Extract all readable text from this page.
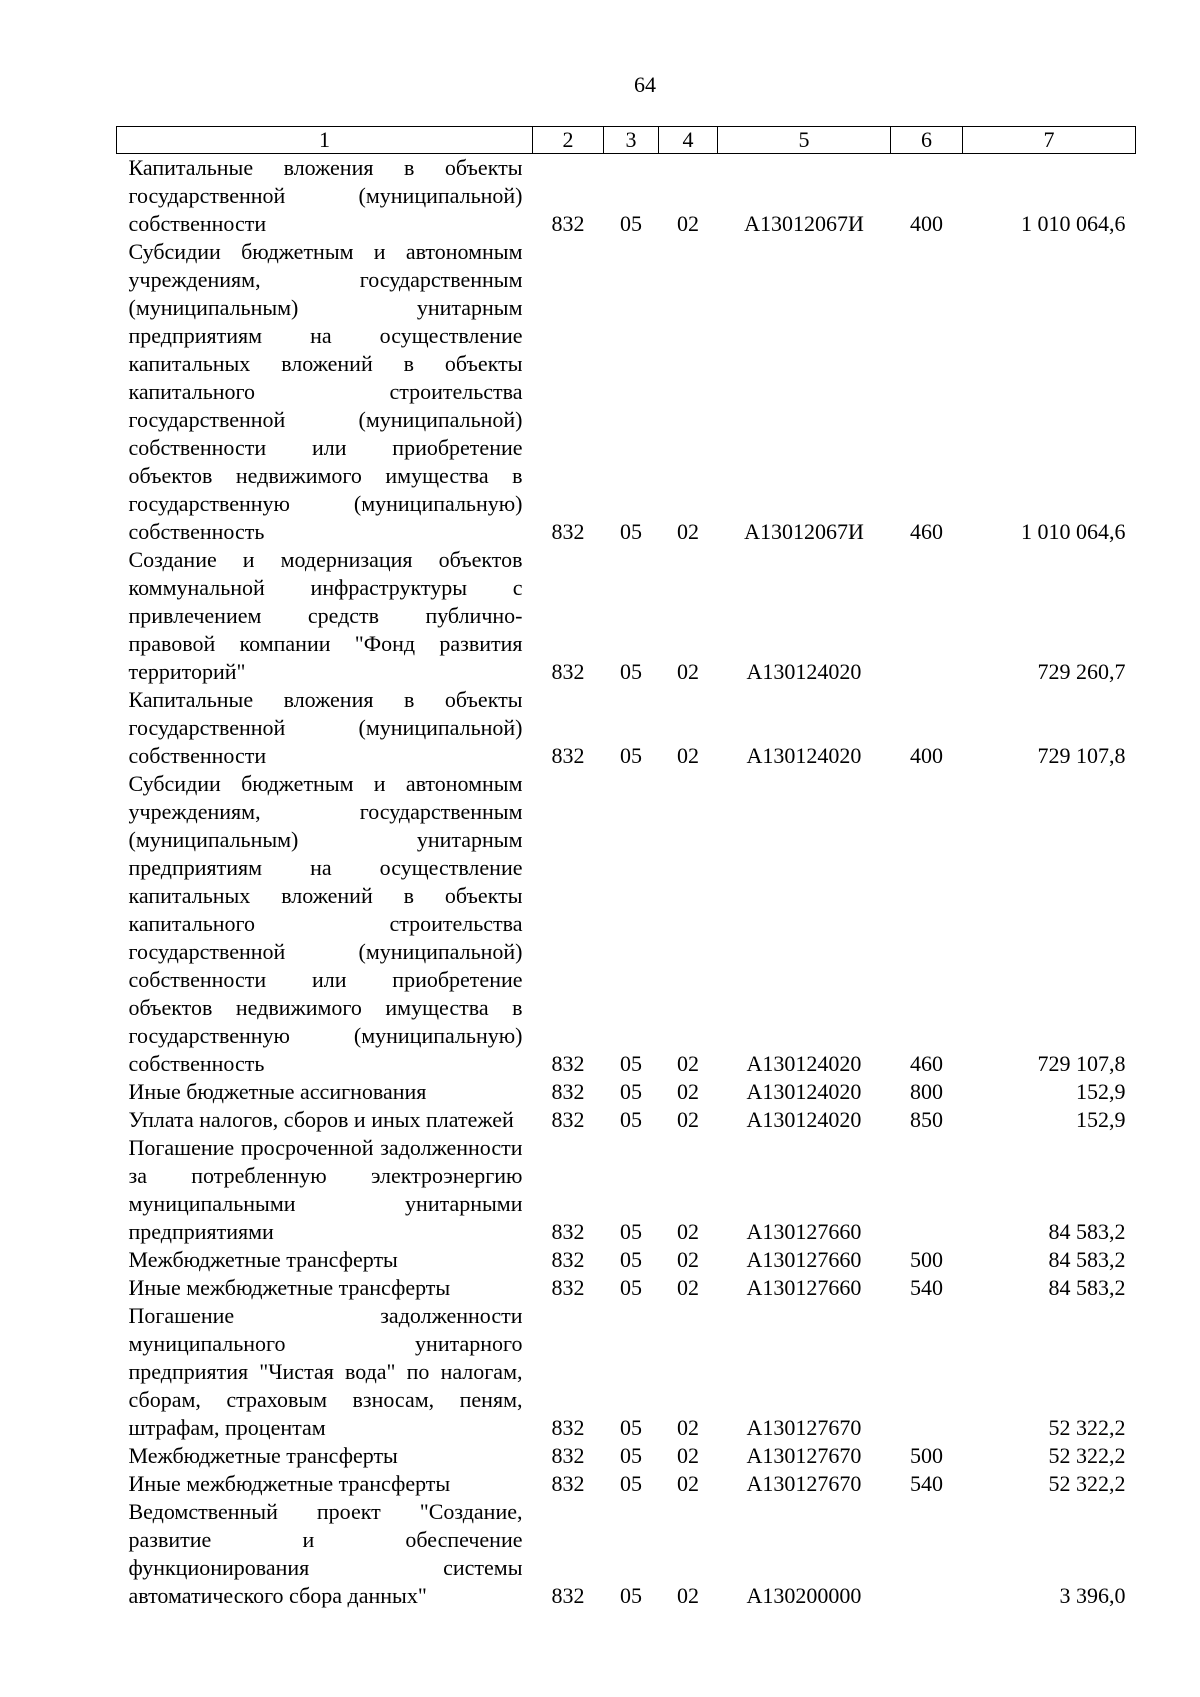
64
1	2	3	4	5	6	7
Капитальные вложения в объекты государственной (муниципальной) собственности	832	05	02	А13012067И	400	1 010 064,6
Субсидии бюджетным и автономным учреждениям, государственным (муниципальным) унитарным предприятиям на осуществление капитальных вложений в объекты капитального строительства государственной (муниципальной) собственности или приобретение объектов недвижимого имущества в государственную (муниципальную) собственность	832	05	02	А13012067И	460	1 010 064,6
Создание и модернизация объектов коммунальной инфраструктуры с привлечением средств публично-правовой компании "Фонд развития территорий"	832	05	02	А130124020		729 260,7
Капитальные вложения в объекты государственной (муниципальной) собственности	832	05	02	А130124020	400	729 107,8
Субсидии бюджетным и автономным учреждениям, государственным (муниципальным) унитарным предприятиям на осуществление капитальных вложений в объекты капитального строительства государственной (муниципальной) собственности или приобретение объектов недвижимого имущества в государственную (муниципальную) собственность	832	05	02	А130124020	460	729 107,8
Иные бюджетные ассигнования	832	05	02	А130124020	800	152,9
Уплата налогов, сборов и иных платежей	832	05	02	А130124020	850	152,9
Погашение просроченной задолженности за потребленную электроэнергию муниципальными унитарными предприятиями	832	05	02	А130127660		84 583,2
Межбюджетные трансферты	832	05	02	А130127660	500	84 583,2
Иные межбюджетные трансферты	832	05	02	А130127660	540	84 583,2
Погашение задолженности муниципального унитарного предприятия "Чистая вода" по налогам, сборам, страховым взносам, пеням, штрафам, процентам	832	05	02	А130127670		52 322,2
Межбюджетные трансферты	832	05	02	А130127670	500	52 322,2
Иные межбюджетные трансферты	832	05	02	А130127670	540	52 322,2
Ведомственный проект "Создание, развитие и обеспечение функционирования системы автоматического сбора данных"	832	05	02	А130200000		3 396,0
